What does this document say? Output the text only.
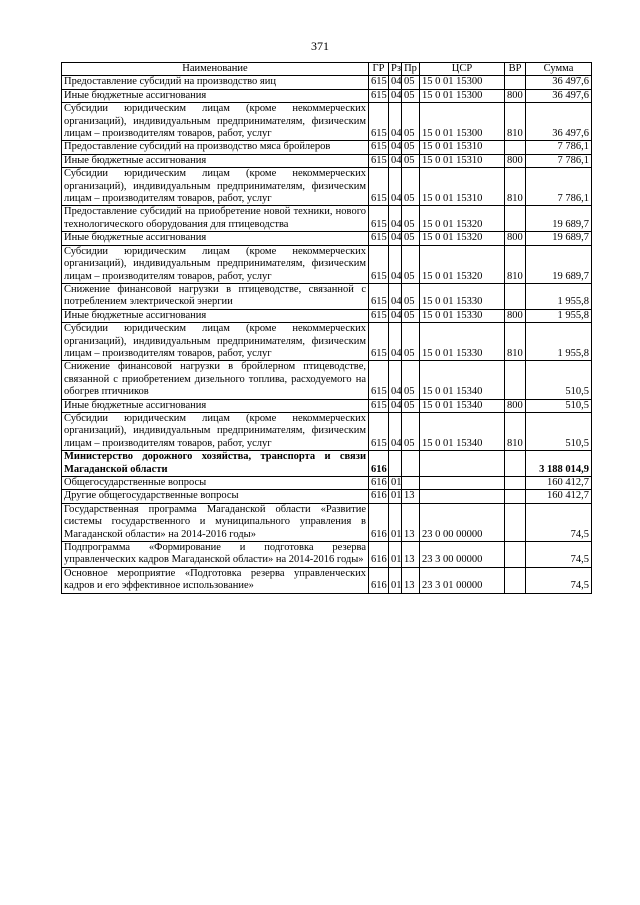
371
Наименование	ГР	Рз	Пр	ЦСР	ВР	Сумма
Предоставление субсидий на производство яиц	615	04	05	15 0 01 15300		36 497,6
Иные бюджетные ассигнования	615	04	05	15 0 01 15300	800	36 497,6
Субсидии юридическим лицам (кроме некоммерческих организаций), индивидуальным предпринимателям, физическим лицам – производителям товаров, работ, услуг	615	04	05	15 0 01 15300	810	36 497,6
Предоставление субсидий на производство мяса бройлеров	615	04	05	15 0 01 15310		7 786,1
Иные бюджетные ассигнования	615	04	05	15 0 01 15310	800	7 786,1
Субсидии юридическим лицам (кроме некоммерческих организаций), индивидуальным предпринимателям, физическим лицам – производителям товаров, работ, услуг	615	04	05	15 0 01 15310	810	7 786,1
Предоставление субсидий на приобретение новой техники, нового технологического оборудования для птицеводства	615	04	05	15 0 01 15320		19 689,7
Иные бюджетные ассигнования	615	04	05	15 0 01 15320	800	19 689,7
Субсидии юридическим лицам (кроме некоммерческих организаций), индивидуальным предпринимателям, физическим лицам – производителям товаров, работ, услуг	615	04	05	15 0 01 15320	810	19 689,7
Снижение финансовой нагрузки в птицеводстве, связанной с потреблением электрической энергии	615	04	05	15 0 01 15330		1 955,8
Иные бюджетные ассигнования	615	04	05	15 0 01 15330	800	1 955,8
Субсидии юридическим лицам (кроме некоммерческих организаций), индивидуальным предпринимателям, физическим лицам – производителям товаров, работ, услуг	615	04	05	15 0 01 15330	810	1 955,8
Снижение финансовой нагрузки в бройлерном птицеводстве, связанной с приобретением дизельного топлива, расходуемого на обогрев птичников	615	04	05	15 0 01 15340		510,5
Иные бюджетные ассигнования	615	04	05	15 0 01 15340	800	510,5
Субсидии юридическим лицам (кроме некоммерческих организаций), индивидуальным предпринимателям, физическим лицам – производителям товаров, работ, услуг	615	04	05	15 0 01 15340	810	510,5
Министерство дорожного хозяйства, транспорта и связи Магаданской области	616					3 188 014,9
Общегосударственные вопросы	616	01				160 412,7
Другие общегосударственные вопросы	616	01	13			160 412,7
Государственная программа Магаданской области «Развитие системы государственного и муниципального управления в Магаданской области» на 2014-2016 годы»	616	01	13	23 0 00 00000		74,5
Подпрограмма «Формирование и подготовка резерва управленческих кадров Магаданской области» на 2014-2016 годы»	616	01	13	23 3 00 00000		74,5
Основное мероприятие «Подготовка резерва управленческих кадров и его эффективное использование»	616	01	13	23 3 01 00000		74,5
